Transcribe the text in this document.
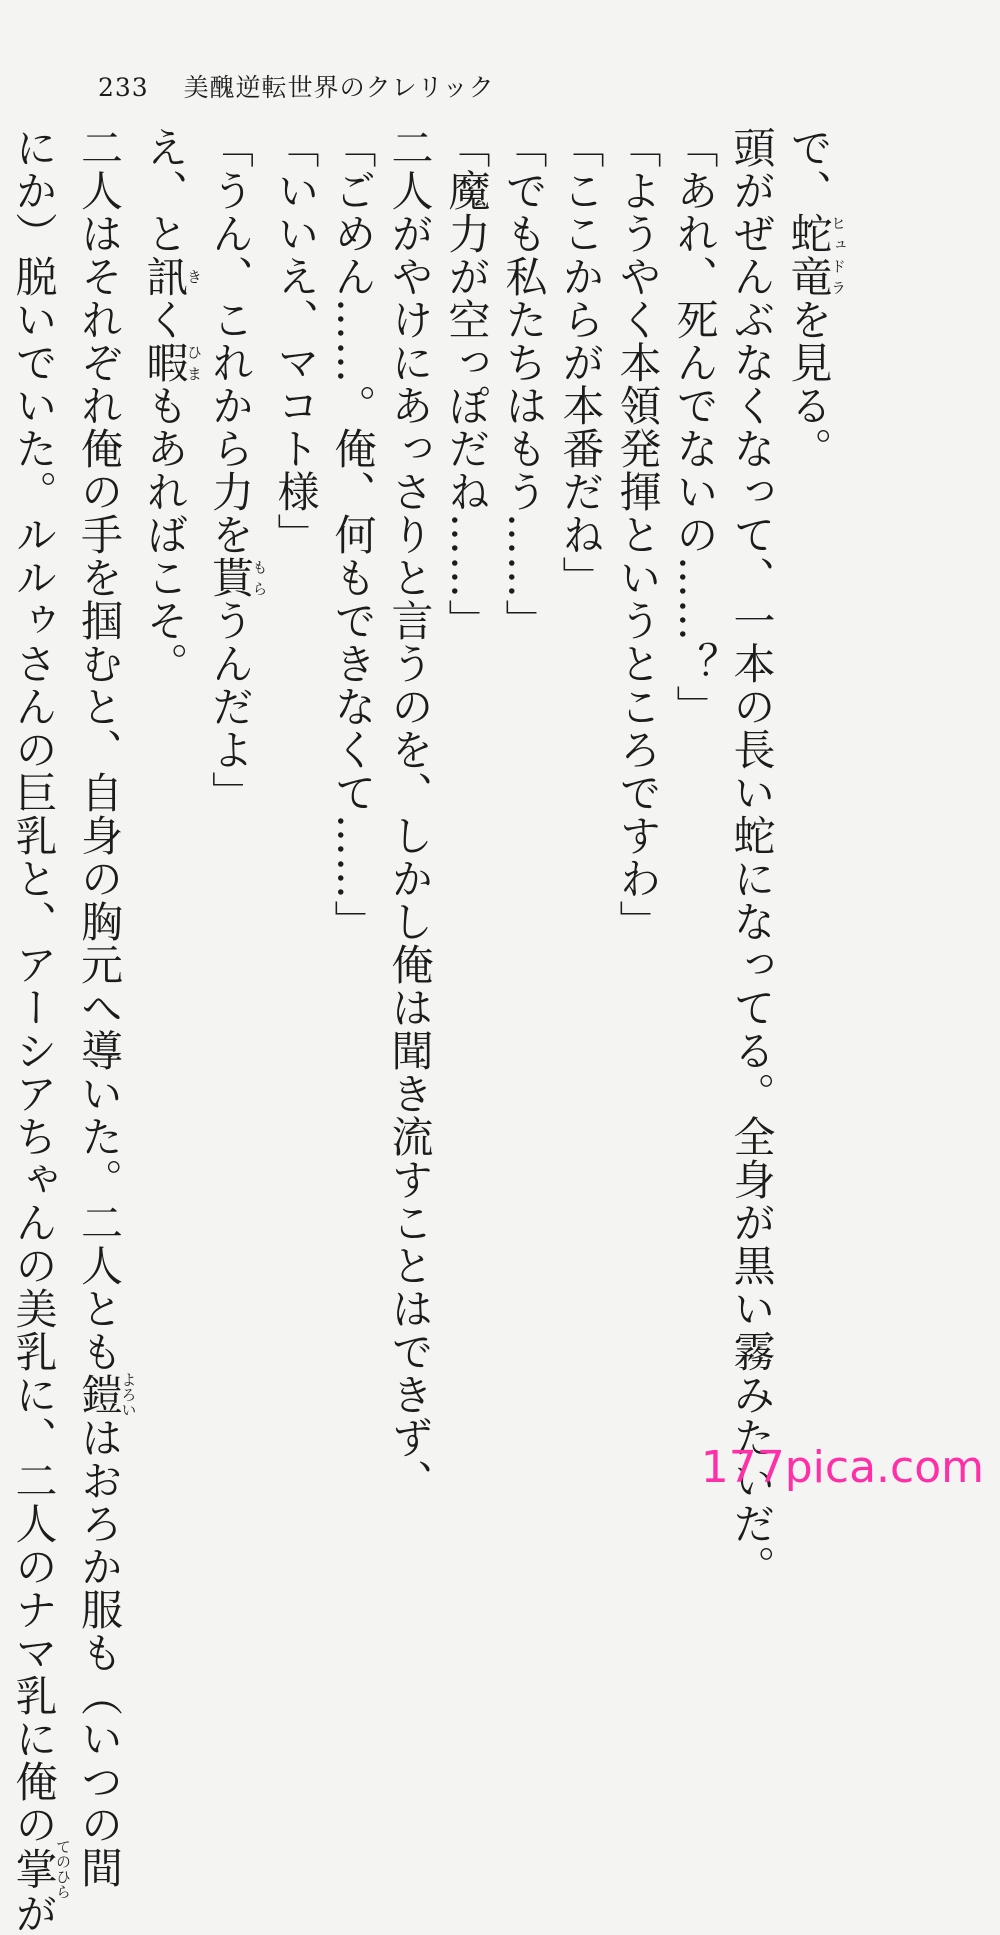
233 美醜逆転世界のクレリック

で、蛇竜ヒュドラを見る。

頭がぜんぶなくなって、一本の長い蛇になってる。全身が黒い霧みたいだ。

「あれ、死んでないの……？」

「ようやく本領発揮というところですわ」

「ここからが本番だね」

「でも私たちはもう……」

「魔力が空っぽだね……」

二人がやけにあっさりと言うのを、しかし俺は聞き流すことはできず、

「ごめん……。俺、何もできなくて……」

「いいえ、マコト様」

「うん、これから力を貰もらうんだよ」

え、と訊きく暇ひまもあればこそ。

二人はそれぞれ俺の手を掴むと、自身の胸元へ導いた。二人とも鎧よろいはおろか服も（いつの間

にか）脱いでいた。ルルゥさんの巨乳と、アーシアちゃんの美乳に、二人のナマ乳に俺の掌てのひらが

177pica.com
